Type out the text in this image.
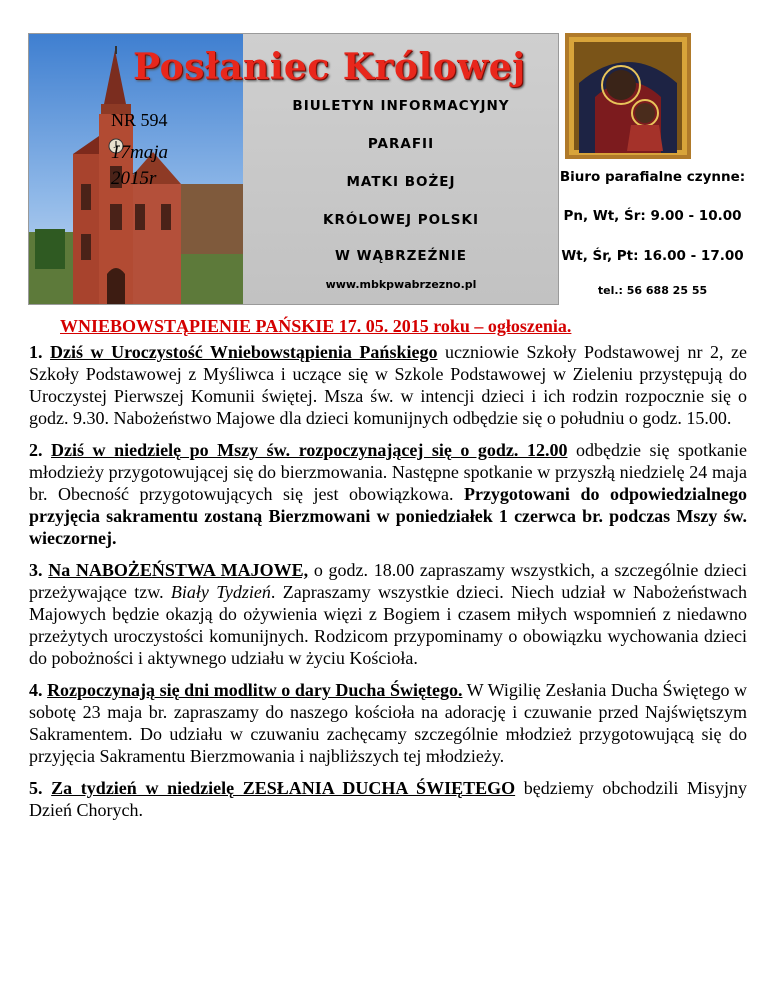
Posłaniec Królowej
NR 594
17maja
2015r
BIULETYN INFORMACYJNY
PARAFII
MATKI BOŻEJ
KRÓLOWEJ POLSKI
W WĄBRZEŹNIE
www.mbkpwabrzezno.pl
Biuro parafialne czynne:
Pn, Wt, Śr: 9.00 - 10.00
Wt, Śr, Pt: 16.00 - 17.00
tel.: 56 688 25 55
WNIEBOWSTĄPIENIE PAŃSKIE 17. 05. 2015 roku – ogłoszenia.

1. Dziś w Uroczystość Wniebowstąpienia Pańskiego uczniowie Szkoły Podstawowej nr 2, ze Szkoły Podstawowej z Myśliwca i uczące się w Szkole Podstawowej w Zieleniu przystępują do Uroczystej Pierwszej Komunii świętej. Msza św. w intencji dzieci i ich rodzin rozpocznie się o godz. 9.30. Nabożeństwo Majowe dla dzieci komunijnych odbędzie się o południu o godz. 15.00.

2. Dziś w niedzielę po Mszy św. rozpoczynającej się o godz. 12.00 odbędzie się spotkanie młodzieży przygotowującej się do bierzmowania. Następne spotkanie w przyszłą niedzielę 24 maja br. Obecność przygotowujących się jest obowiązkowa. Przygotowani do odpowiedzialnego przyjęcia sakramentu zostaną Bierzmowani w poniedziałek 1 czerwca br. podczas Mszy św. wieczornej.

3. Na NABOŻEŃSTWA MAJOWE, o godz. 18.00 zapraszamy wszystkich, a szczególnie dzieci przeżywające tzw. Biały Tydzień. Zapraszamy wszystkie dzieci. Niech udział w Nabożeństwach Majowych będzie okazją do ożywienia więzi z Bogiem i czasem miłych wspomnień z niedawno przeżytych uroczystości komunijnych. Rodzicom przypominamy o obowiązku wychowania dzieci do pobożności i aktywnego udziału w życiu Kościoła.

4. Rozpoczynają się dni modlitw o dary Ducha Świętego. W Wigilię Zesłania Ducha Świętego w sobotę 23 maja br. zapraszamy do naszego kościoła na adorację i czuwanie przed Najświętszym Sakramentem. Do udziału w czuwaniu zachęcamy szczególnie młodzież przygotowującą się do przyjęcia Sakramentu Bierzmowania i najbliższych tej młodzieży.

5. Za tydzień w niedzielę ZESŁANIA DUCHA ŚWIĘTEGO będziemy obchodzili Misyjny Dzień Chorych.
